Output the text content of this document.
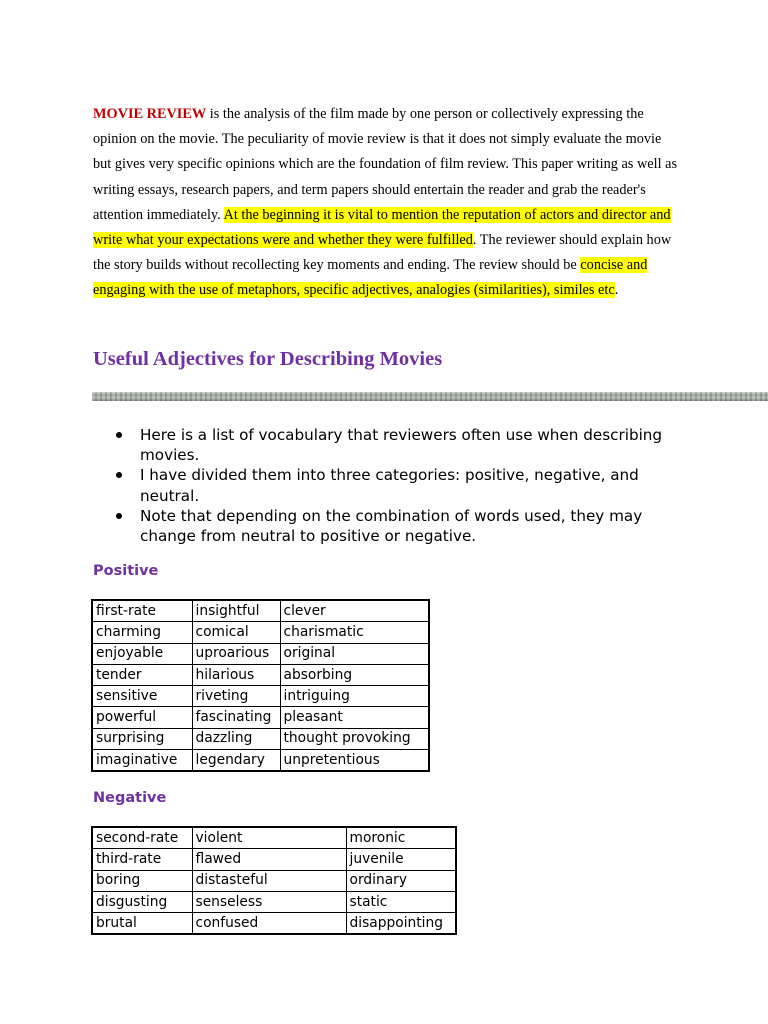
MOVIE REVIEW is the analysis of the film made by one person or collectively expressing the opinion on the movie. The peculiarity of movie review is that it does not simply evaluate the movie but gives very specific opinions which are the foundation of film review. This paper writing as well as writing essays, research papers, and term papers should entertain the reader and grab the reader's attention immediately. At the beginning it is vital to mention the reputation of actors and director and write what your expectations were and whether they were fulfilled. The reviewer should explain how the story builds without recollecting key moments and ending. The review should be concise and engaging with the use of metaphors, specific adjectives, analogies (similarities), similes etc.
Useful Adjectives for Describing Movies
Here is a list of vocabulary that reviewers often use when describing movies.
I have divided them into three categories: positive, negative, and neutral.
Note that depending on the combination of words used, they may change from neutral to positive or negative.
Positive
first-rate	insightful	clever
charming	comical	charismatic
enjoyable	uproarious	original
tender	hilarious	absorbing
sensitive	riveting	intriguing
powerful	fascinating	pleasant
surprising	dazzling	thought provoking
imaginative	legendary	unpretentious
Negative
second-rate	violent	moronic
third-rate	flawed	juvenile
boring	distasteful	ordinary
disgusting	senseless	static
brutal	confused	disappointing
